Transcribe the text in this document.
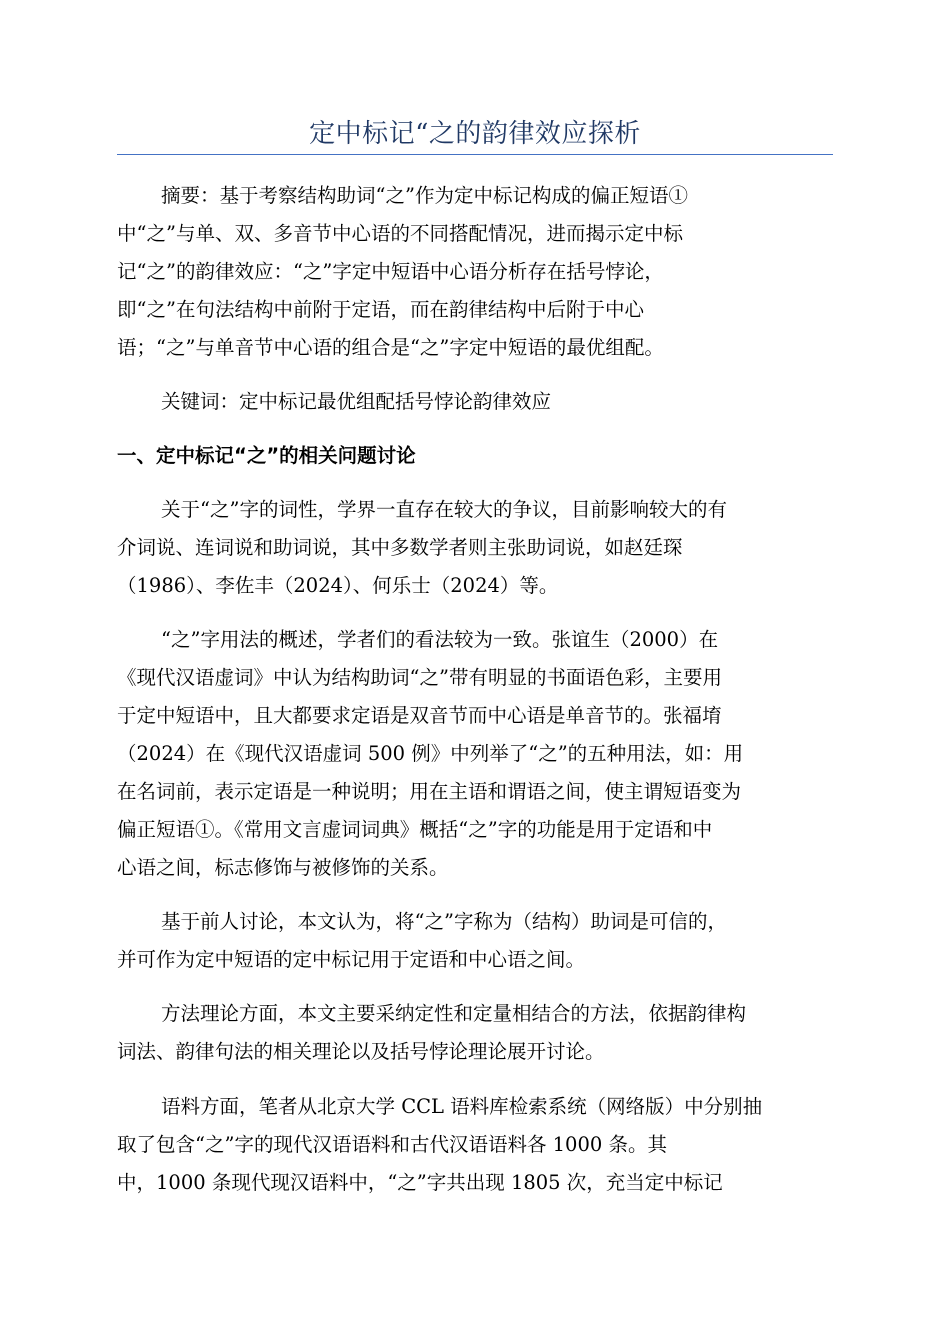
定中标记“之的韵律效应探析
摘要：基于考察结构助词“之”作为定中标记构成的偏正短语①
中“之”与单、双、多音节中心语的不同搭配情况，进而揭示定中标
记“之”的韵律效应：“之”字定中短语中心语分析存在括号悖论，
即“之”在句法结构中前附于定语，而在韵律结构中后附于中心
语；“之”与单音节中心语的组合是“之”字定中短语的最优组配。
关键词：定中标记最优组配括号悖论韵律效应
一、定中标记“之”的相关问题讨论
关于“之”字的词性，学界一直存在较大的争议，目前影响较大的有
介词说、连词说和助词说，其中多数学者则主张助词说，如赵廷琛
（1986）、李佐丰（2024）、何乐士（2024）等。
“之”字用法的概述，学者们的看法较为一致。张谊生（2000）在
《现代汉语虚词》中认为结构助词“之”带有明显的书面语色彩，主要用
于定中短语中，且大都要求定语是双音节而中心语是单音节的。张福堉
（2024）在《现代汉语虚词 500 例》中列举了“之”的五种用法，如：用
在名词前，表示定语是一种说明；用在主语和谓语之间，使主谓短语变为
偏正短语①。《常用文言虚词词典》概括“之”字的功能是用于定语和中
心语之间，标志修饰与被修饰的关系。
基于前人讨论，本文认为，将“之”字称为（结构）助词是可信的，
并可作为定中短语的定中标记用于定语和中心语之间。
方法理论方面，本文主要采纳定性和定量相结合的方法，依据韵律构
词法、韵律句法的相关理论以及括号悖论理论展开讨论。
语料方面，笔者从北京大学 CCL 语料库检索系统（网络版）中分别抽
取了包含“之”字的现代汉语语料和古代汉语语料各 1000 条。其
中，1000 条现代现汉语料中，“之”字共出现 1805 次，充当定中标记
